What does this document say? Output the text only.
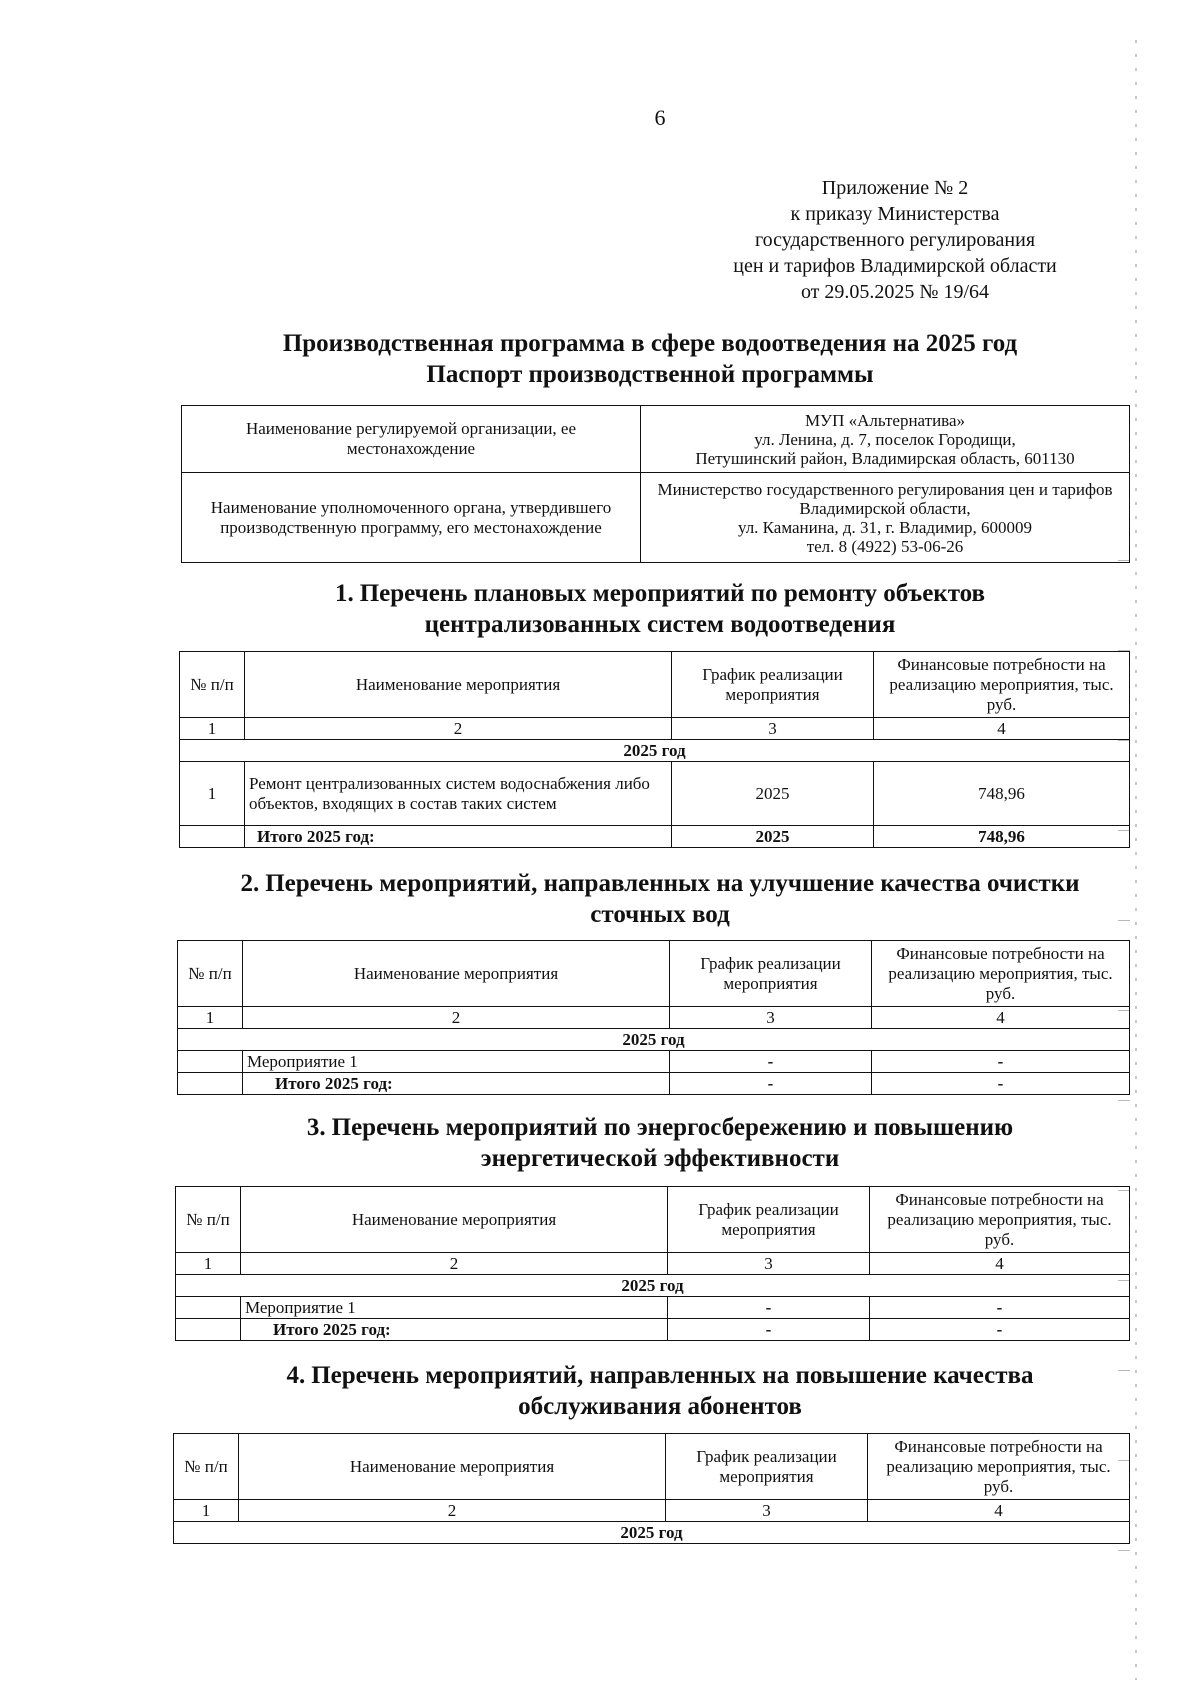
6
Приложение № 2
к приказу Министерства
государственного регулирования
цен и тарифов Владимирской области
от 29.05.2025 № 19/64
Производственная программа в сфере водоотведения на 2025 год
Паспорт производственной программы
Наименование регулируемой организации, ее местонахождение	МУП «Альтернатива»
ул. Ленина, д. 7, поселок Городищи,
Петушинский район, Владимирская область, 601130

Наименование уполномоченного органа, утвердившего производственную программу, его местонахождение	Министерство государственного регулирования цен и тарифов Владимирской области,
ул. Каманина, д. 31, г. Владимир, 600009
тел. 8 (4922) 53-06-26
1. Перечень плановых мероприятий по ремонту объектов
централизованных систем водоотведения
№ п/п	Наименование мероприятия	График реализации мероприятия	Финансовые потребности на реализацию мероприятия, тыс. руб.
1	2	3	4
2025 год			
1	Ремонт централизованных систем водоснабжения либо объектов, входящих в состав таких систем	2025	748,96
	Итого 2025 год:	2025	748,96
2. Перечень мероприятий, направленных на улучшение качества очистки
сточных вод
№ п/п	Наименование мероприятия	График реализации мероприятия	Финансовые потребности на реализацию мероприятия, тыс. руб.
1	2	3	4
2025 год			
	Мероприятие 1	-	-
	Итого 2025 год:	-	-
3. Перечень мероприятий по энергосбережению и повышению
энергетической эффективности
№ п/п	Наименование мероприятия	График реализации мероприятия	Финансовые потребности на реализацию мероприятия, тыс. руб.
1	2	3	4
2025 год			
	Мероприятие 1	-	-
	Итого 2025 год:	-	-
4. Перечень мероприятий, направленных на повышение качества
обслуживания абонентов
№ п/п	Наименование мероприятия	График реализации мероприятия	Финансовые потребности на реализацию мероприятия, тыс. руб.
1	2	3	4
2025 год			
